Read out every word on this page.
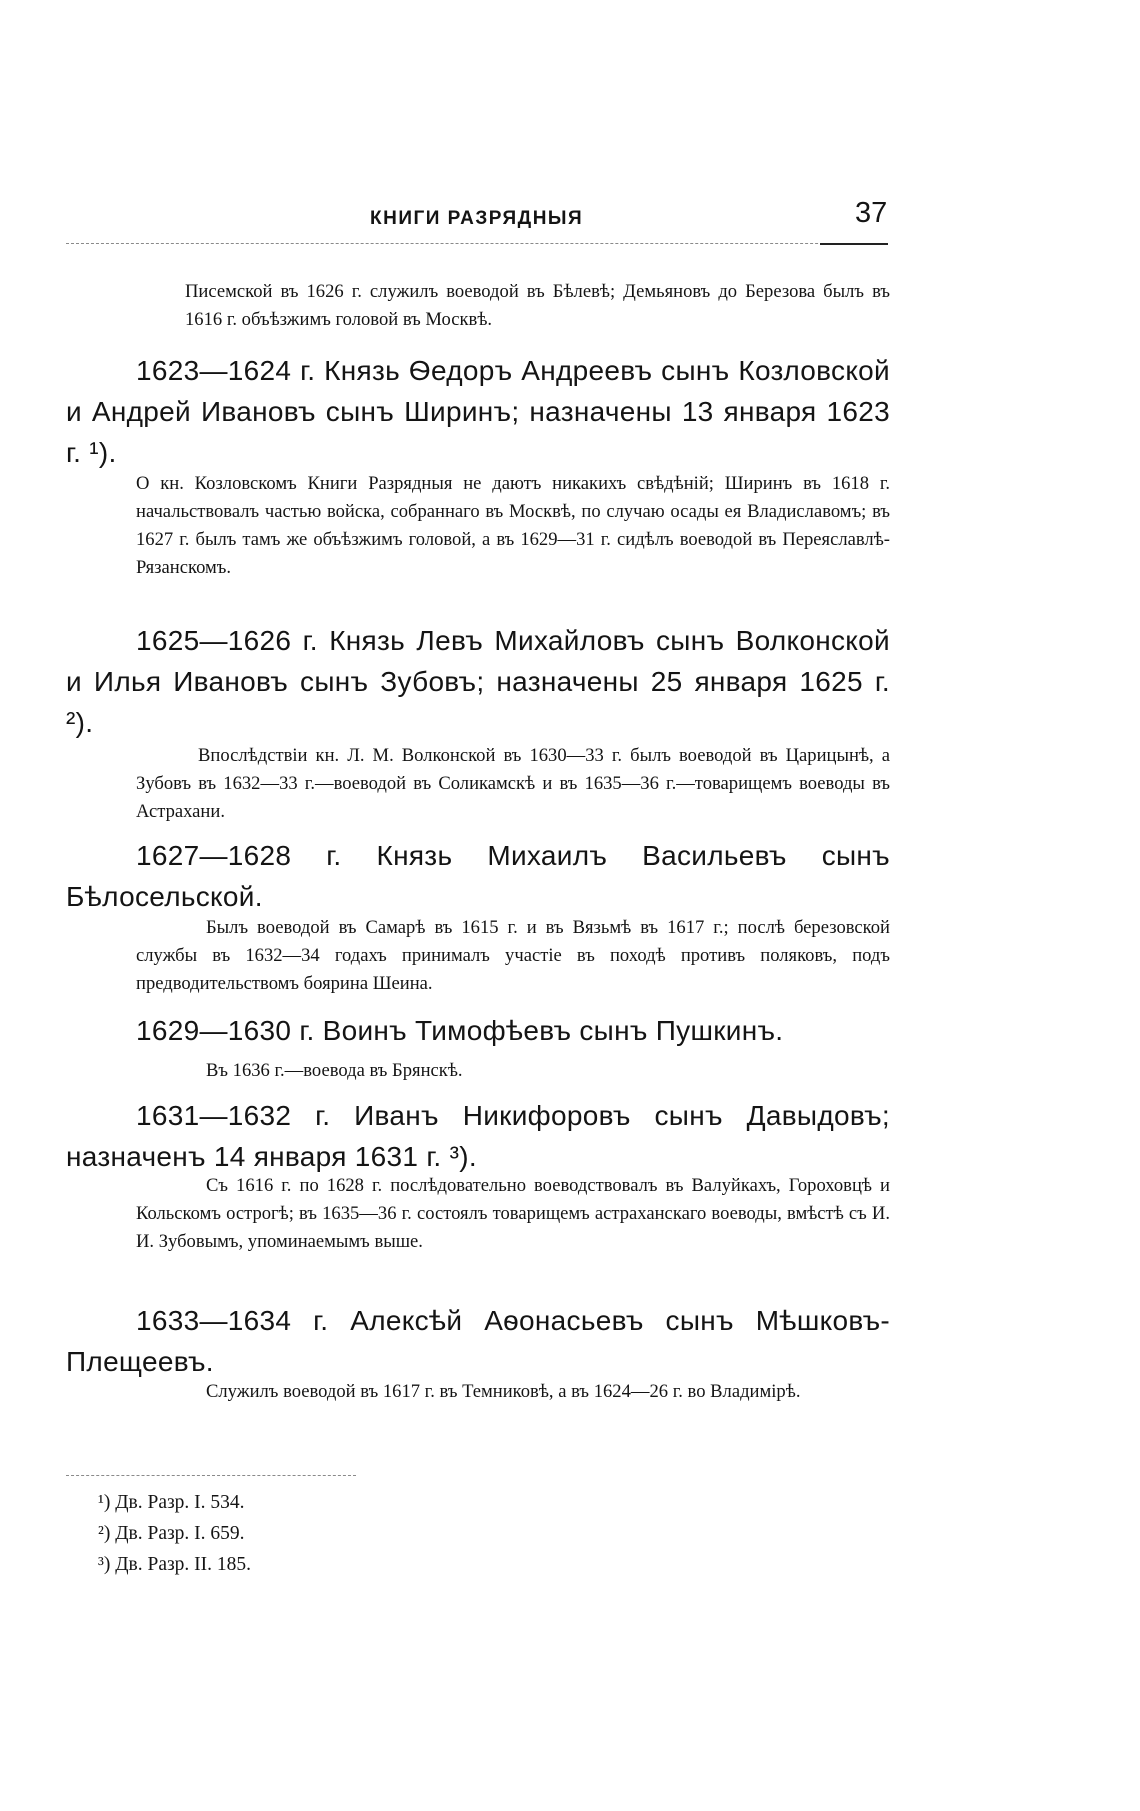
КНИГИ РАЗРЯДНЫЯ	37

Писемской въ 1626 г. служилъ воеводой въ Бѣлевѣ; Демьяновъ до Березова былъ въ 1616 г. объѣзжимъ головой въ Москвѣ.

1623—1624 г. Князь Ѳедоръ Андреевъ сынъ Козловской и Андрей Ивановъ сынъ Ширинъ; назначены 13 января 1623 г. ¹).

О кн. Козловскомъ Книги Разрядныя не даютъ никакихъ свѣдѣній; Ширинъ въ 1618 г. начальствовалъ частью войска, собраннаго въ Москвѣ, по случаю осады ея Владиславомъ; въ 1627 г. былъ тамъ же объѣзжимъ головой, а въ 1629—31 г. сидѣлъ воеводой въ Переяславлѣ-Рязанскомъ.

1625—1626 г. Князь Левъ Михайловъ сынъ Волконской и Илья Ивановъ сынъ Зубовъ; назначены 25 января 1625 г. ²).

Впослѣдствіи кн. Л. М. Волконской въ 1630—33 г. былъ воеводой въ Царицынѣ, а Зубовъ въ 1632—33 г.—воеводой въ Соликамскѣ и въ 1635—36 г.—товарищемъ воеводы въ Астрахани.

1627—1628 г. Князь Михаилъ Васильевъ сынъ Бѣлосельской.

Былъ воеводой въ Самарѣ въ 1615 г. и въ Вязьмѣ въ 1617 г.; послѣ березовской службы въ 1632—34 годахъ принималъ участіе въ походѣ противъ поляковъ, подъ предводительствомъ боярина Шеина.

1629—1630 г. Воинъ Тимофѣевъ сынъ Пушкинъ.

Въ 1636 г.—воевода въ Брянскѣ.

1631—1632 г. Иванъ Никифоровъ сынъ Давыдовъ; назначенъ 14 января 1631 г. ³).

Съ 1616 г. по 1628 г. послѣдовательно воеводствовалъ въ Валуйкахъ, Гороховцѣ и Кольскомъ острогѣ; въ 1635—36 г. состоялъ товарищемъ астраханскаго воеводы, вмѣстѣ съ И. И. Зубовымъ, упоминаемымъ выше.

1633—1634 г. Алексѣй Аѳонасьевъ сынъ Мѣшковъ-Плещеевъ.

Служилъ воеводой въ 1617 г. въ Темниковѣ, а въ 1624—26 г. во Владимірѣ.

¹) Дв. Разр. I. 534.

²) Дв. Разр. I. 659.

³) Дв. Разр. II. 185.
